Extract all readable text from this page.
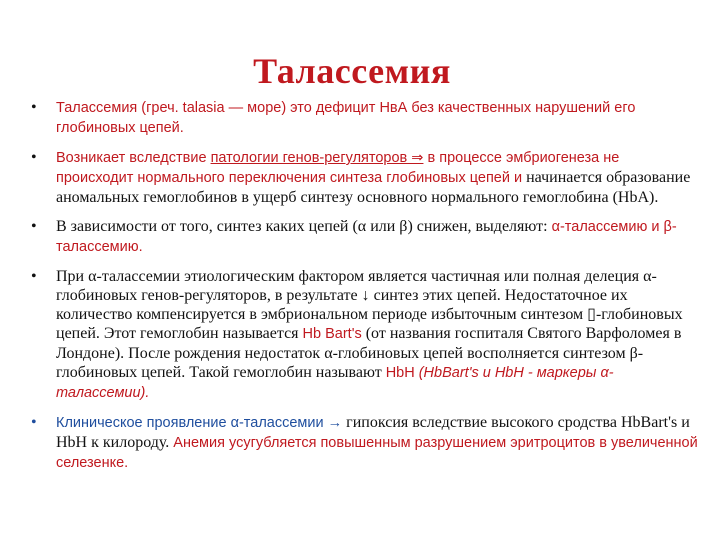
Талассемия
• Талассемия (греч. talasia — море) это дефицит НвА без качественных нарушений его глобиновых цепей.
• Возникает вследствие патологии генов-регуляторов ⇒ в процессе эмбриогенеза не происходит нормального переключения синтеза глобиновых цепей и начинается образование аномальных гемоглобинов в ущерб синтезу основного нормального гемоглобина (HbA).
• В зависимости от того, синтез каких цепей (α или β) снижен, выделяют: α-талассемию и β-талассемию.
• При α-талассемии этиологическим фактором является частичная или полная делеция α-глобиновых генов-регуляторов, в результате ↓ синтез этих цепей. Недостаточное их количество компенсируется в эмбриональном периоде избыточным синтезом ▯-глобиновых цепей. Этот гемоглобин называется Hb Bart's (от названия госпиталя Святого Варфоломея в Лондоне). После рождения недостаток α-глобиновых цепей восполняется синтезом β-глобиновых цепей. Такой гемоглобин называют HbH (HbBart's и HbH - маркеры α-талассемии).
• Клиническое проявление α-талассемии → гипоксия вследствие высокого сродства HbBart's и HbH к килороду. Анемия усугубляется повышенным разрушением эритроцитов в увеличенной селезенке.
